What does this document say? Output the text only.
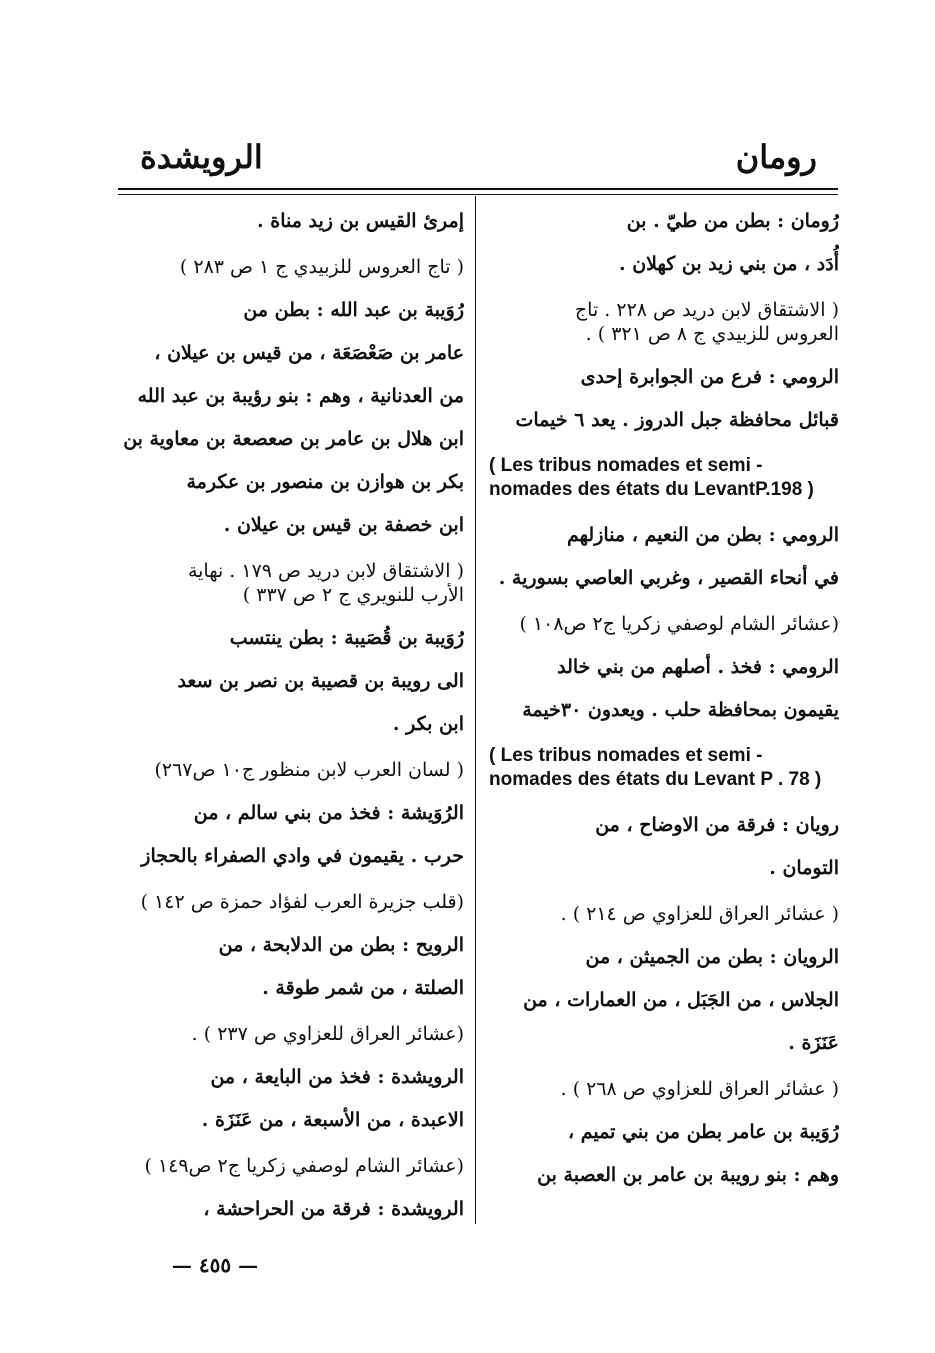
رومان
الرويشدة
رُومان : بطن من طيّ . بن
أُدَد ، من بني زيد بن كهلان .
( الاشتقاق لابن دريد ص ٢٢٨ . تاج
العروس للزبيدي ج ٨ ص ٣٢١ ) .
الرومي : فرع من الجوابرة إحدى
قبائل محافظة جبل الدروز . يعد ٦ خيمات
( Les tribus nomades et semi -
nomades des états du LevantP.198 )
الرومي : بطن من النعيم ، منازلهم
في أنحاء القصير ، وغربي العاصي بسورية .
(عشائر الشام لوصفي زكريا ج٢ ص١٠٨ )
الرومي : فخذ . أصلهم من بني خالد
يقيمون بمحافظة حلب . ويعدون ٣٠خيمة
( Les tribus nomades et semi -
nomades des états du Levant P . 78 )
رويان : فرقة من الاوضاح ، من
التومان .
( عشائر العراق للعزاوي ص ٢١٤ ) .
الرويان : بطن من الجميثن ، من
الجلاس ، من الجَبَل ، من العمارات ، من
عَنَزَة .
( عشائر العراق للعزاوي ص ٢٦٨ ) .
رُوَيبة بن عامر بطن من بني تميم ،
وهم : بنو رويبة بن عامر بن العصبة بن
إمرئ القيس بن زيد مناة .
( تاج العروس للزبيدي ج ١ ص ٢٨٣ )
رُوَيبة بن عبد الله : بطن من
عامر بن صَعْصَعَة ، من قيس بن عيلان ،
من العدنانية ، وهم : بنو رؤيبة بن عبد الله
ابن هلال بن عامر بن صعصعة بن معاوية بن
بكر بن هوازن بن منصور بن عكرمة
ابن خصفة بن قيس بن عيلان .
( الاشتقاق لابن دريد ص ١٧٩ . نهاية
الأرب للنويري ج ٢ ص ٣٣٧ )
رُوَيبة بن قُصَيبة : بطن ينتسب
الى رويبة بن قصيبة بن نصر بن سعد
ابن بكر .
( لسان العرب لابن منظور ج١٠ ص٢٦٧)
الرُوَيشة : فخذ من بني سالم ، من
حرب . يقيمون في وادي الصفراء بالحجاز
(قلب جزيرة العرب لفؤاد حمزة ص ١٤٢ )
الرويح : بطن من الدلابحة ، من
الصلتة ، من شمر طوقة .
(عشائر العراق للعزاوي ص ٢٣٧ ) .
الرويشدة : فخذ من البايعة ، من
الاعبدة ، من الأسبعة ، من عَنَزَة .
(عشائر الشام لوصفي زكريا ج٢ ص١٤٩ )
الرويشدة : فرقة من الحراحشة ،
— ٤٥٥ —
